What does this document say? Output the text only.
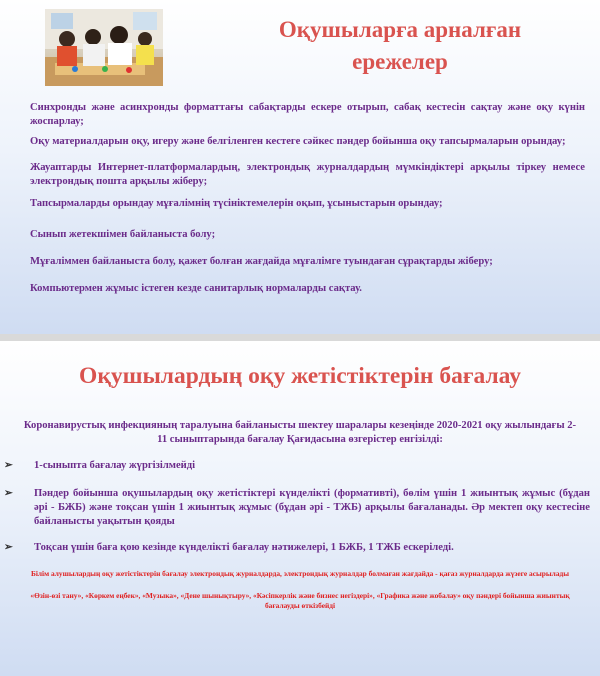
Оқушыларға арналған ережелер
Синхронды және асинхронды форматтағы сабақтарды ескере отырып, сабақ кестесін сақтау және оқу күнін жоспарлау;
Оқу материалдарын оқу, игеру және белгіленген кестеге сәйкес пәндер бойынша оқу тапсырмаларын орындау;
Жауаптарды Интернет-платформалардың, электрондық журналдардың мүмкіндіктері арқылы тіркеу немесе электрондық пошта арқылы жіберу;
Тапсырмаларды орындау мұғалімнің түсініктемелерін оқып, ұсыныстарын орындау;
Сынып жетекшімен байланыста болу;
Мұғаліммен байланыста болу, қажет болған жағдайда мұғалімге туындаған сұрақтарды жіберу;
Компьютермен жұмыс істеген кезде санитарлық нормаларды сақтау.
Оқушылардың оқу жетістіктерін бағалау
Коронавирустық инфекцияның таралуына байланысты шектеу шаралары кезеңінде 2020-2021 оқу жылындағы 2-11 сыныптарында бағалау Қағидасына өзгерістер енгізілді:
➢	1-сыныпта бағалау жүргізілмейді
➢	Пәндер бойынша оқушылардың оқу жетістіктері күнделікті (формативті), бөлім үшін 1 жиынтық жұмыс (бұдан әрі - БЖБ) және тоқсан үшін 1 жиынтық жұмыс (бұдан әрі - ТЖБ) арқылы бағаланады. Әр мектеп оқу кестесіне байланысты уақытын қояды
➢	Тоқсан үшін баға қою кезінде күнделікті бағалау нәтижелері, 1 БЖБ, 1 ТЖБ ескеріледі.
Білім алушылардың оқу жетістіктерін бағалау электрондық журналдарда, электрондық журналдар болмаған жағдайда - қағаз журналдарда жүзеге асырылады
«Өзін-өзі тану», «Көркем еңбек», «Музыка», «Дене шынықтыру», «Кәсіпкерлік және бизнес негіздері», «Графика және жобалау» оқу пәндері бойынша жиынтық бағалауды өткізбейді
